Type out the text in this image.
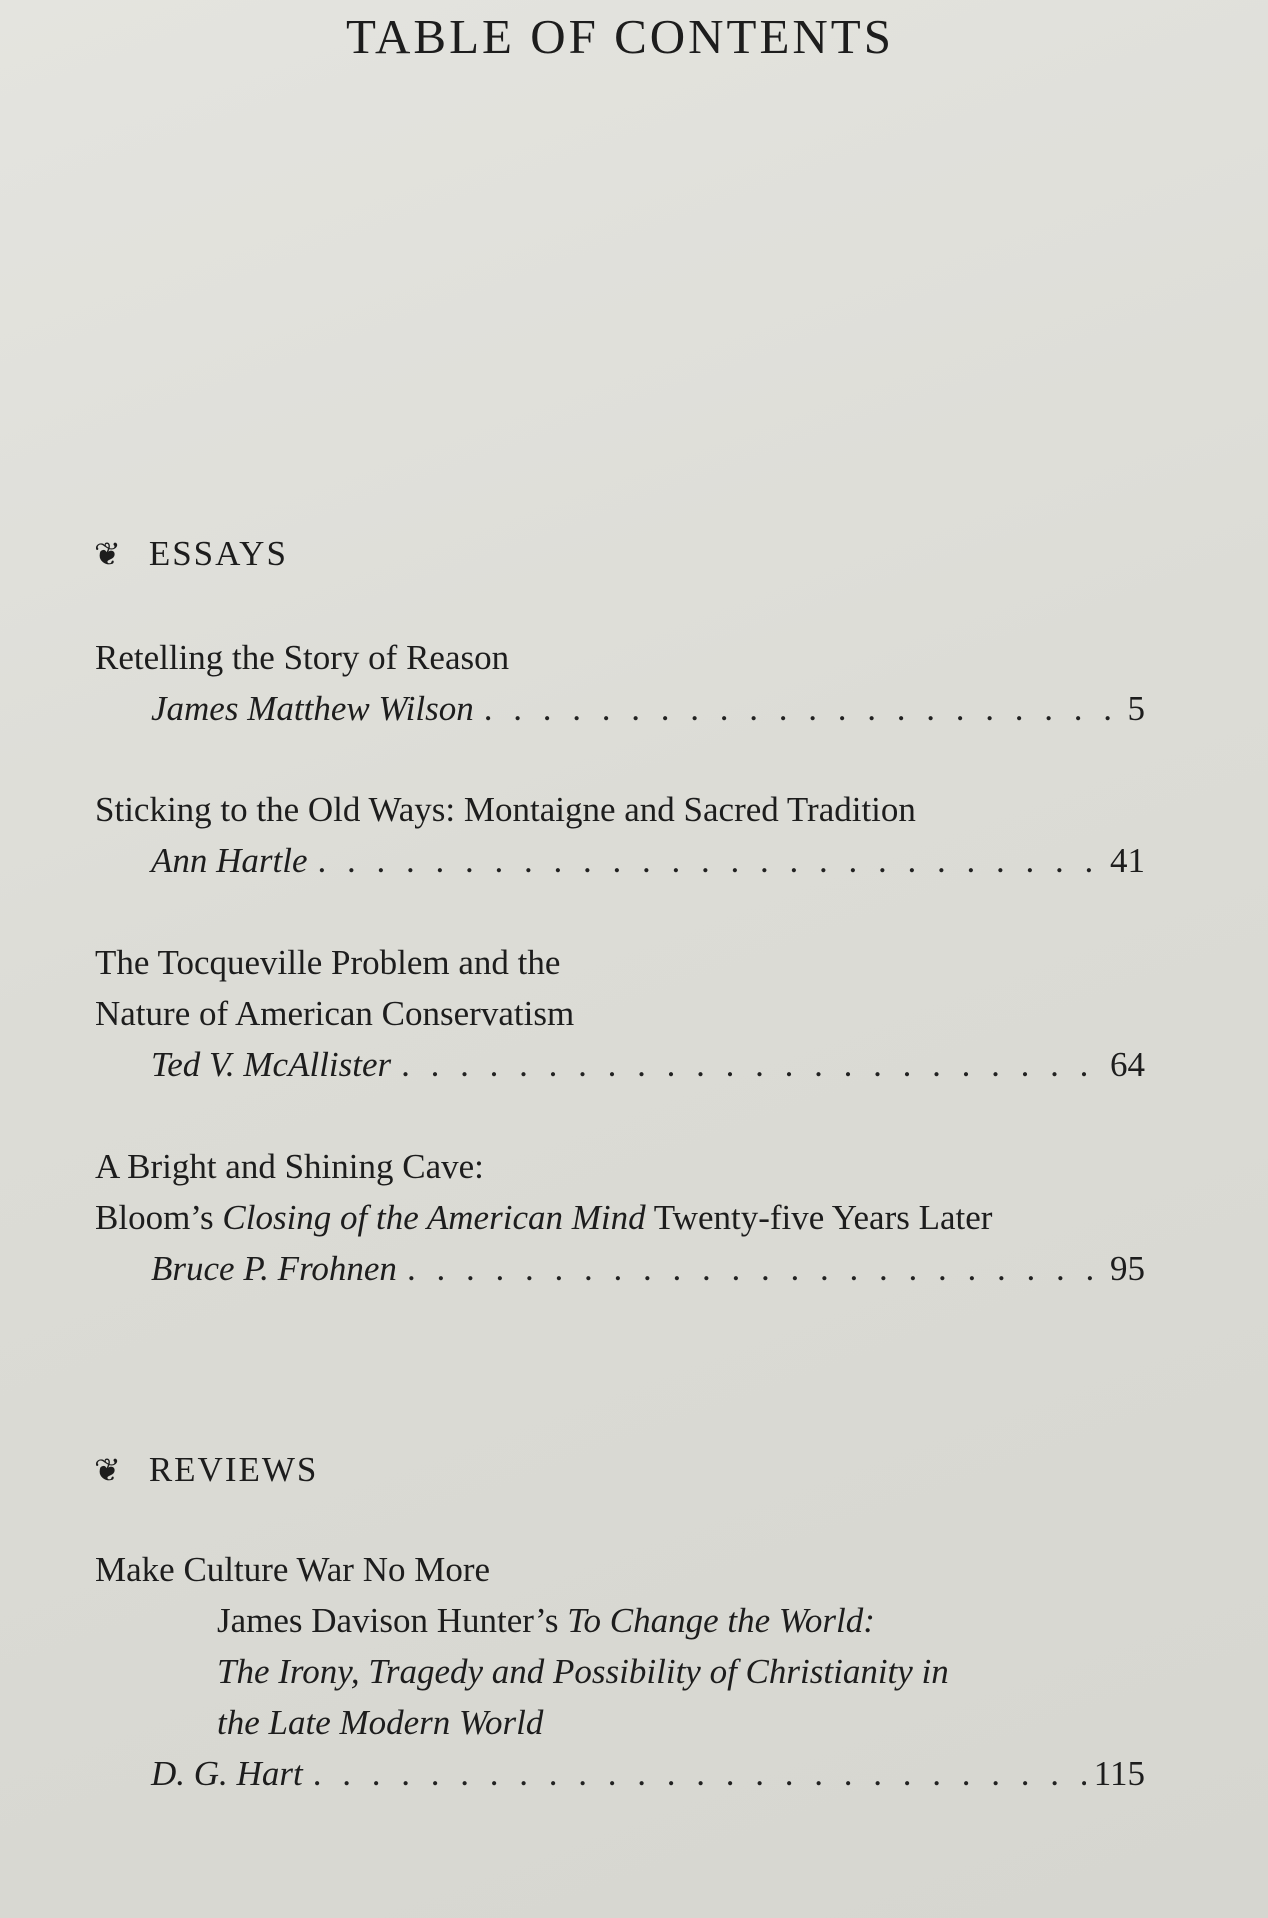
TABLE OF CONTENTS
❦ ESSAYS
Retelling the Story of Reason
James Matthew Wilson . . .	5
Sticking to the Old Ways: Montaigne and Sacred Tradition
Ann Hartle . . .	41
The Tocqueville Problem and the
Nature of American Conservatism
Ted V. McAllister . . .	64
A Bright and Shining Cave:
Bloom’s Closing of the American Mind Twenty-five Years Later
Bruce P. Frohnen . . .	95
❦ REVIEWS
Make Culture War No More
James Davison Hunter’s To Change the World:
The Irony, Tragedy and Possibility of Christianity in
the Late Modern World
D. G. Hart . . .	115
